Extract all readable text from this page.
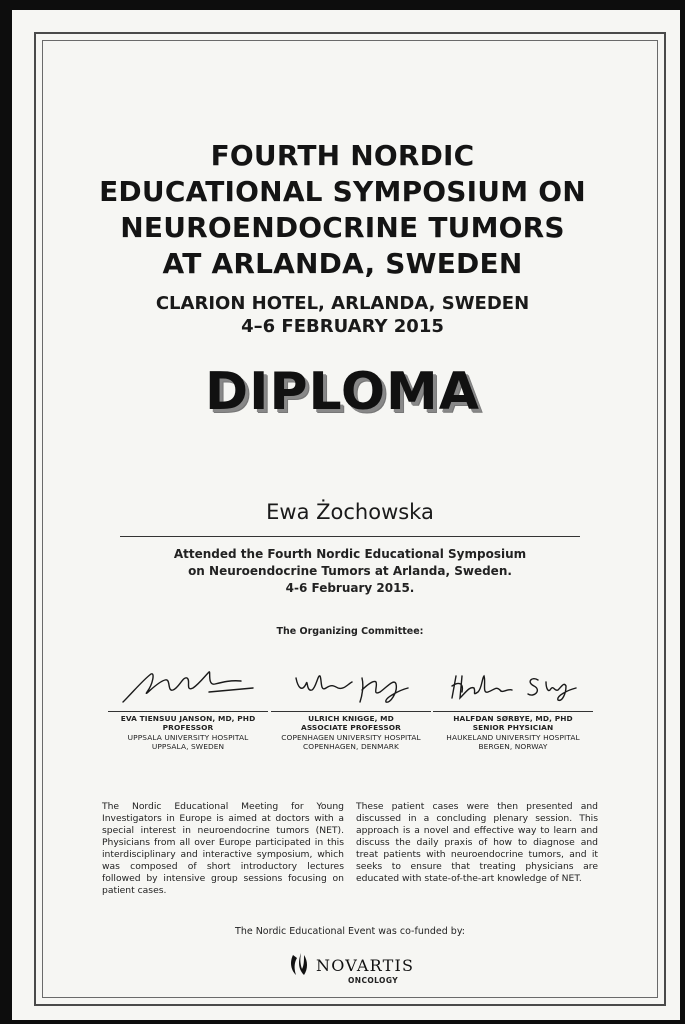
FOURTH NORDIC
EDUCATIONAL SYMPOSIUM ON
NEUROENDOCRINE TUMORS
AT ARLANDA, SWEDEN
CLARION HOTEL, ARLANDA, SWEDEN
4–6 FEBRUARY 2015
DIPLOMA
Ewa Żochowska
Attended the Fourth Nordic Educational Symposium
on Neuroendocrine Tumors at Arlanda, Sweden.
4-6 February 2015.
The Organizing Committee:
EVA TIENSUU JANSON, MD, PHD
PROFESSOR
UPPSALA UNIVERSITY HOSPITAL
UPPSALA, SWEDEN
ULRICH KNIGGE, MD
ASSOCIATE PROFESSOR
COPENHAGEN UNIVERSITY HOSPITAL
COPENHAGEN, DENMARK
HALFDAN SØRBYE, MD, PHD
SENIOR PHYSICIAN
HAUKELAND UNIVERSITY HOSPITAL
BERGEN, NORWAY
The Nordic Educational Meeting for Young Investigators in Europe is aimed at doctors with a special interest in neuroendocrine tumors (NET). Physicians from all over Europe participated in this interdisciplinary and interactive symposium, which was composed of short introductory lectures followed by intensive group sessions focusing on patient cases.
These patient cases were then presented and discussed in a concluding plenary session. This approach is a novel and effective way to learn and discuss the daily praxis of how to diagnose and treat patients with neuroendocrine tumors, and it seeks to ensure that treating physicians are educated with state-of-the-art knowledge of NET.
The Nordic Educational Event was co-funded by:
NOVARTIS
ONCOLOGY
